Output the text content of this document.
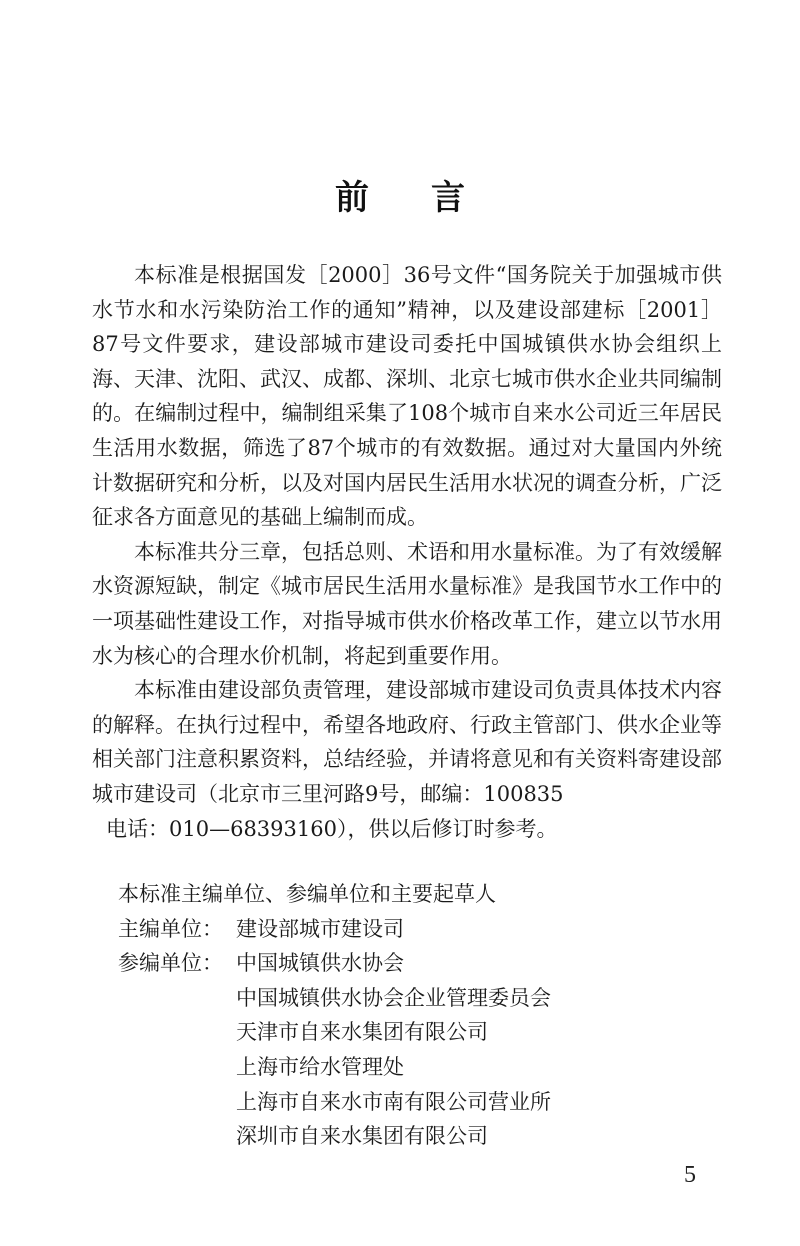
前言

本标准是根据国发［2000］36号文件“国务院关于加强城市供水节水和水污染防治工作的通知”精神，以及建设部建标［2001］87号文件要求，建设部城市建设司委托中国城镇供水协会组织上海、天津、沈阳、武汉、成都、深圳、北京七城市供水企业共同编制的。在编制过程中，编制组采集了108个城市自来水公司近三年居民生活用水数据，筛选了87个城市的有效数据。通过对大量国内外统计数据研究和分析，以及对国内居民生活用水状况的调查分析，广泛征求各方面意见的基础上编制而成。

本标准共分三章，包括总则、术语和用水量标准。为了有效缓解水资源短缺，制定《城市居民生活用水量标准》是我国节水工作中的一项基础性建设工作，对指导城市供水价格改革工作，建立以节水用水为核心的合理水价机制，将起到重要作用。

本标准由建设部负责管理，建设部城市建设司负责具体技术内容的解释。在执行过程中，希望各地政府、行政主管部门、供水企业等相关部门注意积累资料，总结经验，并请将意见和有关资料寄建设部城市建设司（北京市三里河路9号，邮编：100835

电话：010—68393160），供以后修订时参考。

本标准主编单位、参编单位和主要起草人
主编单位： 建设部城市建设司
参编单位： 中国城镇供水协会
中国城镇供水协会企业管理委员会
天津市自来水集团有限公司
上海市给水管理处
上海市自来水市南有限公司营业所
深圳市自来水集团有限公司
5
